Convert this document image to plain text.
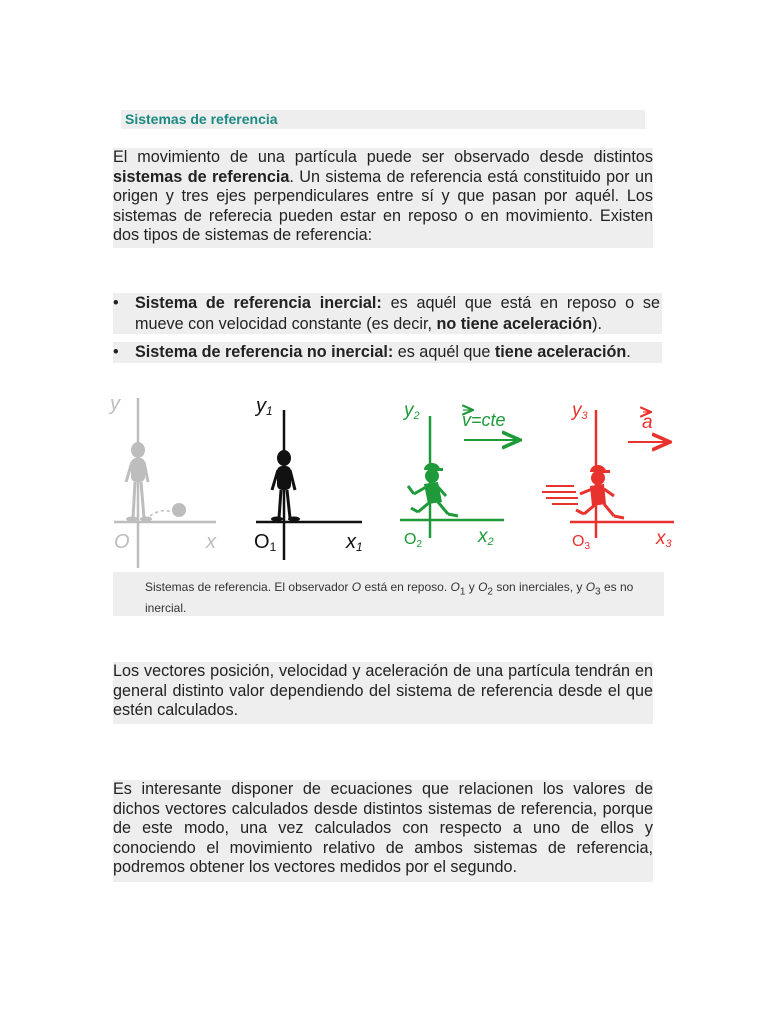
Sistemas de referencia
El movimiento de una partícula puede ser observado desde distintos sistemas de referencia. Un sistema de referencia está constituido por un origen y tres ejes perpendiculares entre sí y que pasan por aquél. Los sistemas de referecia pueden estar en reposo o en movimiento. Existen dos tipos de sistemas de referencia:
• Sistema de referencia inercial: es aquél que está en reposo o se mueve con velocidad constante (es decir, no tiene aceleración).
• Sistema de referencia no inercial: es aquél que tiene aceleración.
y
O	x
y1
O1	x1
y2
O2	x2
v=cte	y3
O3	x3
a
Sistemas de referencia. El observador O está en reposo. $O_1$ y $O_2$ son inerciales, y $O_3$ es no inercial.
Los vectores posición, velocidad y aceleración de una partícula tendrán en general distinto valor dependiendo del sistema de referencia desde el que estén calculados.
Es interesante disponer de ecuaciones que relacionen los valores de dichos vectores calculados desde distintos sistemas de referencia, porque de este modo, una vez calculados con respecto a uno de ellos y conociendo el movimiento relativo de ambos sistemas de referencia, podremos obtener los vectores medidos por el segundo.
